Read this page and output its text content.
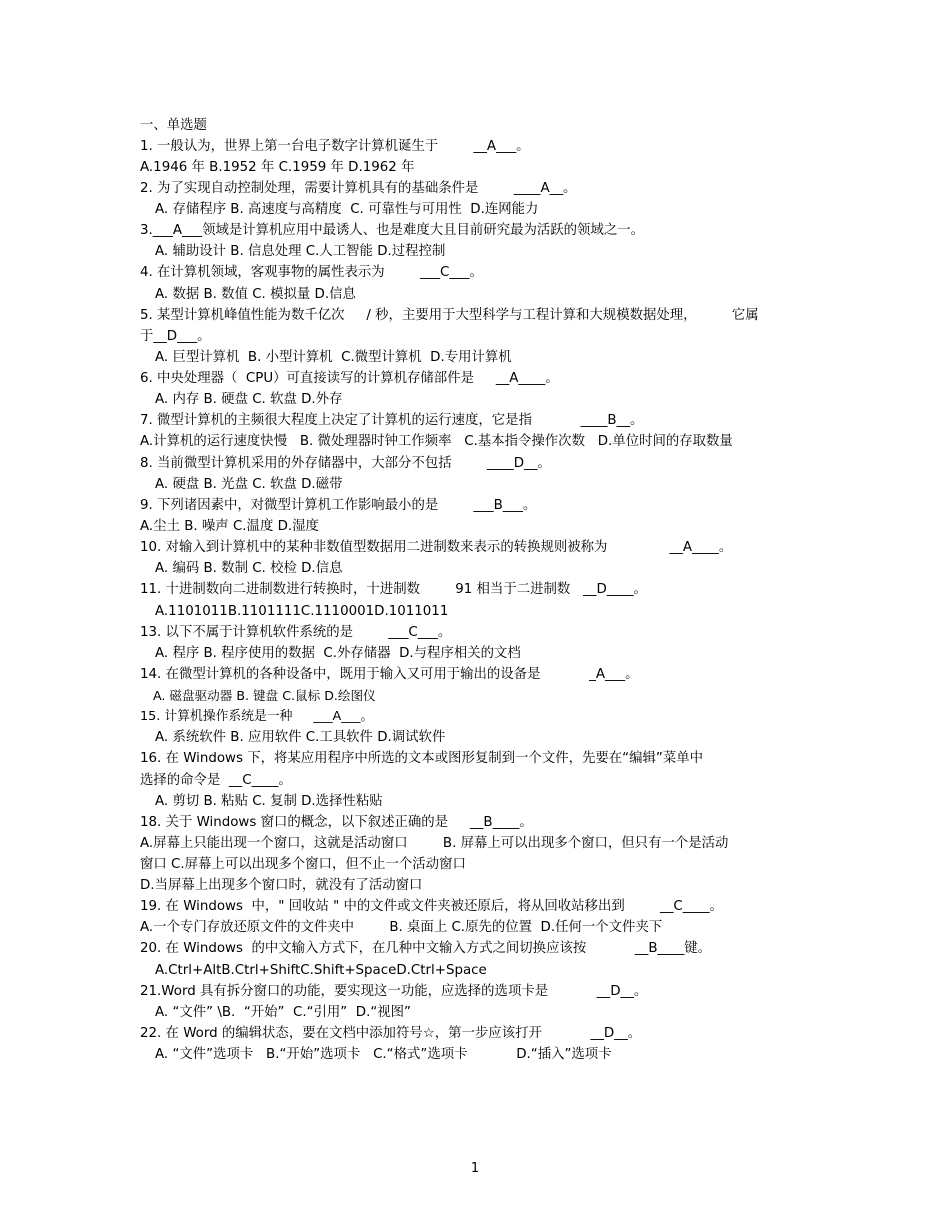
一、单选题
1. 一般认为，世界上第一台电子数字计算机诞生于 　　 __A___。
A.1946 年 B.1952 年 C.1959 年 D.1962 年
2. 为了实现自动控制处理，需要计算机具有的基础条件是 　　 ____A__。
A. 存储程序 B. 高速度与高精度  C. 可靠性与可用性  D.连网能力
3.___A___领域是计算机应用中最诱人、也是难度大且目前研究最为活跃的领域之一。
A. 辅助设计 B. 信息处理 C.人工智能 D.过程控制
4. 在计算机领域，客观事物的属性表示为 　　 ___C___。
A. 数据 B. 数值 C. 模拟量 D.信息
5. 某型计算机峰值性能为数千亿次 　 / 秒，主要用于大型科学与工程计算和大规模数据处理， 　　 它属
于__D___。
A. 巨型计算机  B. 小型计算机  C.微型计算机  D.专用计算机
6. 中央处理器（  CPU）可直接读写的计算机存储部件是 　 __A____。
A. 内存 B. 硬盘 C. 软盘 D.外存
7. 微型计算机的主频很大程度上决定了计算机的运行速度，它是指 　　　 ____B__。
A.计算机的运行速度快慢   B. 微处理器时钟工作频率   C.基本指令操作次数   D.单位时间的存取数量
8. 当前微型计算机采用的外存储器中，大部分不包括 　　 ____D__。
A. 硬盘 B. 光盘 C. 软盘 D.磁带
9. 下列诸因素中，对微型计算机工作影响最小的是 　　 ___B___。
A.尘土 B. 噪声 C.温度 D.湿度
10. 对输入到计算机中的某种非数值型数据用二进制数来表示的转换规则被称为 　　　　 __A____。
A. 编码 B. 数制 C. 校检 D.信息
11. 十进制数向二进制数进行转换时，十进制数 　　 91 相当于二进制数   __D____。
A.1101011B.1101111C.1110001D.1011011
13. 以下不属于计算机软件系统的是 　　 ___C___。
A. 程序 B. 程序使用的数据  C.外存储器  D.与程序相关的文档
14. 在微型计算机的各种设备中，既用于输入又可用于输出的设备是 　　　 _A___。
A. 磁盘驱动器 B. 键盘 C.鼠标 D.绘图仪
15. 计算机操作系统是一种 　 ___A___。
A. 系统软件 B. 应用软件 C.工具软件 D.调试软件
16. 在 Windows 下，将某应用程序中所选的文本或图形复制到一个文件，先要在“编辑”菜单中
选择的命令是  __C____。
A. 剪切 B. 粘贴 C. 复制 D.选择性粘贴
18. 关于 Windows 窗口的概念，以下叙述正确的是 　 __B____。
A.屏幕上只能出现一个窗口，这就是活动窗口 　　 B. 屏幕上可以出现多个窗口，但只有一个是活动
窗口 C.屏幕上可以出现多个窗口，但不止一个活动窗口
D.当屏幕上出现多个窗口时，就没有了活动窗口
19. 在 Windows  中，" 回收站 " 中的文件或文件夹被还原后，将从回收站移出到 　　 __C____。
A.一个专门存放还原文件的文件夹中 　　 B. 桌面上 C.原先的位置  D.任何一个文件夹下
20. 在 Windows  的中文输入方式下，在几种中文输入方式之间切换应该按 　　　 __B____键。
A.Ctrl+AltB.Ctrl+ShiftC.Shift+SpaceD.Ctrl+Space
21.Word 具有拆分窗口的功能，要实现这一功能，应选择的选项卡是 　　　 __D__。
A. “文件” \B.  “开始”  C.“引用”  D.“视图”
22. 在 Word 的编辑状态，要在文档中添加符号☆，第一步应该打开 　　　 __D__。
A. “文件”选项卡   B.“开始”选项卡   C.“格式”选项卡 　　　 D.“插入”选项卡
1
